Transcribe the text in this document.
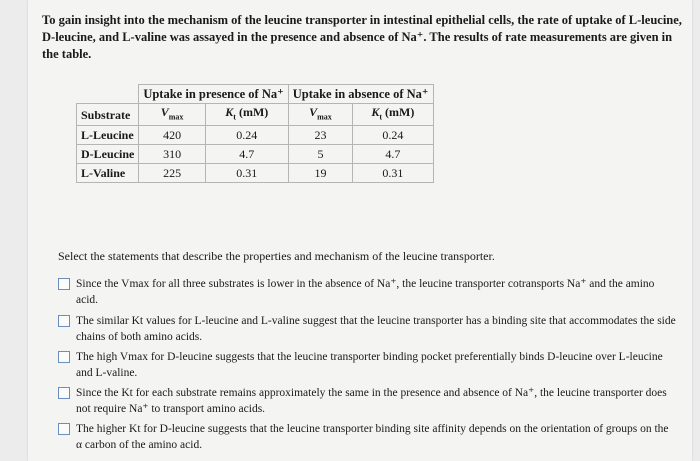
To gain insight into the mechanism of the leucine transporter in intestinal epithelial cells, the rate of uptake of L-leucine, D-leucine, and L-valine was assayed in the presence and absence of Na⁺. The results of rate measurements are given in the table.
	Uptake in presence of Na⁺		Uptake in absence of Na⁺	
Substrate	$V_{max}$	$K_t$ (mM)	$V_{max}$	$K_t$ (mM)
L-Leucine	420	0.24	23	0.24
D-Leucine	310	4.7	5	4.7
L-Valine	225	0.31	19	0.31
Select the statements that describe the properties and mechanism of the leucine transporter.
Since the Vmax for all three substrates is lower in the absence of Na⁺, the leucine transporter cotransports Na⁺ and the amino acid.
The similar Kt values for L-leucine and L-valine suggest that the leucine transporter has a binding site that accommodates the side chains of both amino acids.
The high Vmax for D-leucine suggests that the leucine transporter binding pocket preferentially binds D-leucine over L-leucine and L-valine.
Since the Kt for each substrate remains approximately the same in the presence and absence of Na⁺, the leucine transporter does not require Na⁺ to transport amino acids.
The higher Kt for D-leucine suggests that the leucine transporter binding site affinity depends on the orientation of groups on the α carbon of the amino acid.
